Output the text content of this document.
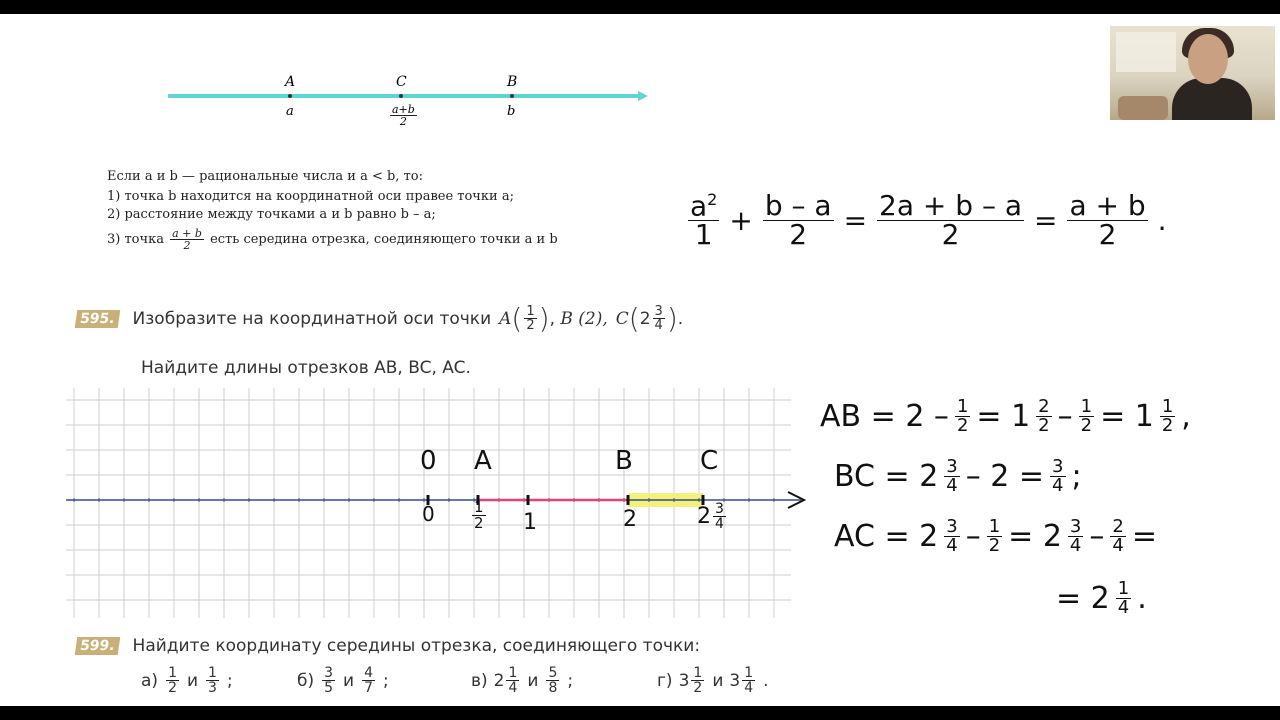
A	C	B
a	$\frac{a+b}{2}$	b
Если a и b — рациональные числа и a < b, то:
1) точка b находится на координатной оси правее точки a;
2) расстояние между точками a и b равно b – a;
3) точка $\frac{a + b}{2}$ есть середина отрезка, соединяющего точки a и b	$\frac{a^2}{1} + \frac{b - a}{2} = \frac{2a + b - a}{2} = \frac{a + b}{2}$ .
595. Изобразите на координатной оси точки A ( $\frac{1}{2}$ ) , B (2), C ( $2 \frac{3}{4}$ ) .
Найдите длины отрезков AB, BC, AC.
0 A	B	C
$0 \frac{1}{2} 1$	2	$2 \frac{3}{4}$
AB = $2 - \frac{1}{2} = 1 \frac{2}{2} - \frac{1}{2} = 1 \frac{1}{2}$ ,
BC = $2 \frac{3}{4} - 2 = \frac{3}{4}$ ;
AC = $2 \frac{3}{4} - \frac{1}{2} = 2 \frac{3}{4} - \frac{2}{4}$ =
= $2 \frac{1}{4}$ .
599. Найдите координату середины отрезка, соединяющего точки:
$а) \frac{1}{2}$ и $\frac{1}{3}$ ;	$б) \frac{3}{5}$ и $\frac{4}{7}$ ;	в) $2 \frac{1}{4}$ и $\frac{5}{8}$ ;	г) $3 \frac{1}{2}$ и $3 \frac{1}{4}$ .
